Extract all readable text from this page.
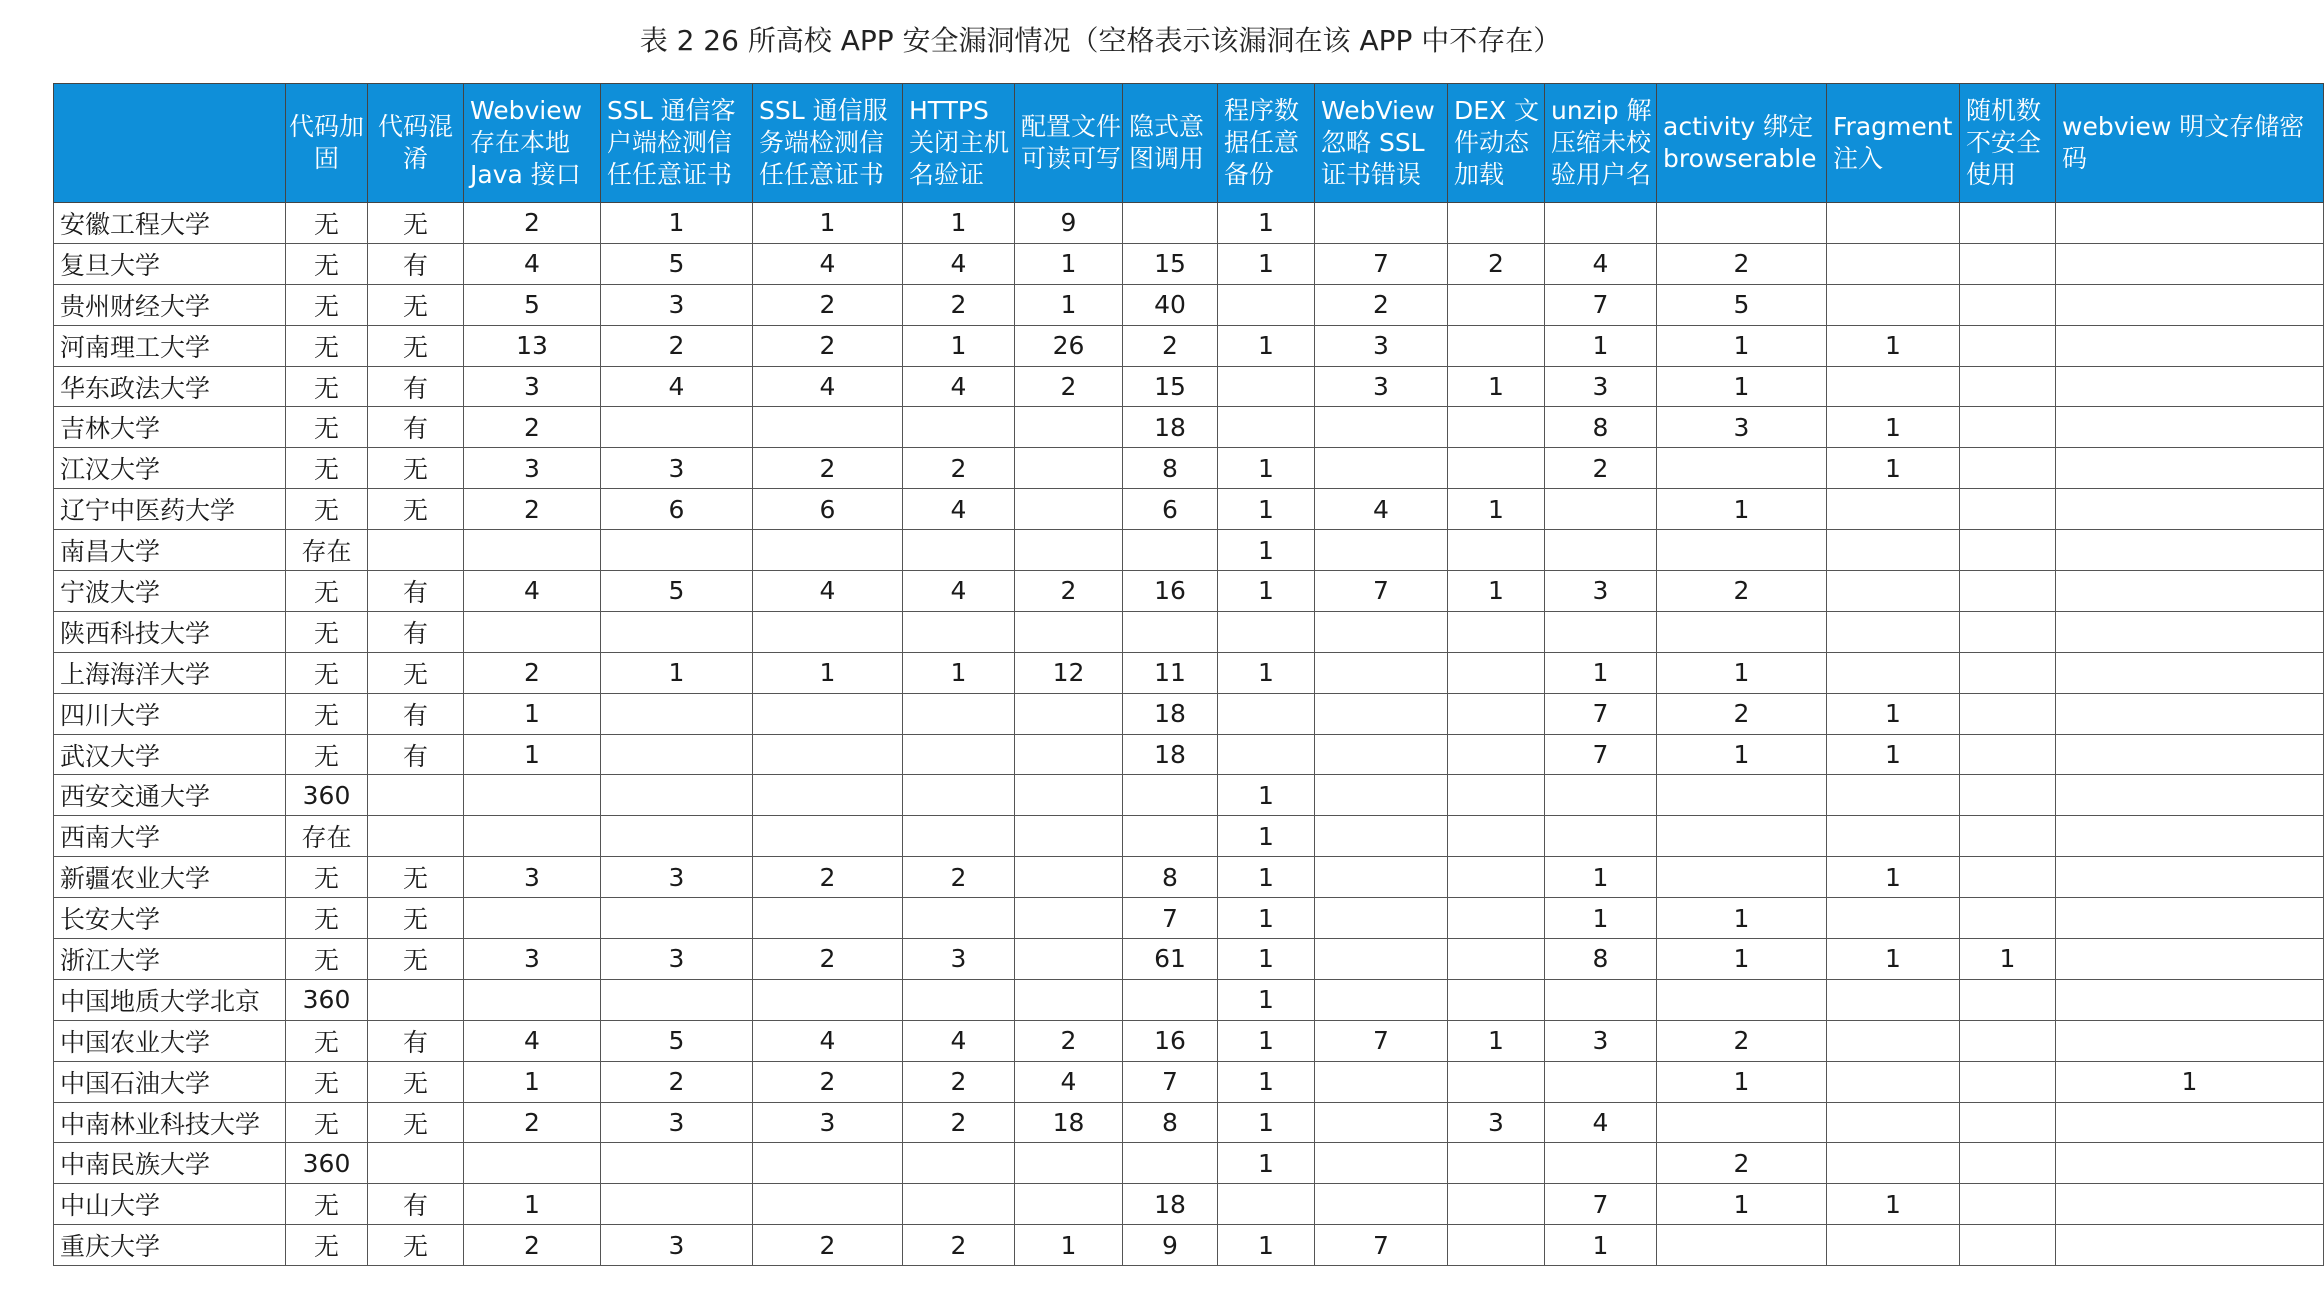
表 2 26 所高校 APP 安全漏洞情况（空格表示该漏洞在该 APP 中不存在）
	代码加固	代码混淆	Webview 存在本地 Java 接口	SSL 通信客户端检测信任任意证书	SSL 通信服务端检测信任任意证书	HTTPS 关闭主机名验证	配置文件可读可写	隐式意图调用	程序数据任意备份	WebView 忽略 SSL 证书错误	DEX 文件动态加载	unzip 解压缩未校验用户名	activity 绑定 browserable	Fragment 注入	随机数不安全使用	webview 明文存储密码
安徽工程大学	无	无	2	1	1	1	9		1							
复旦大学	无	有	4	5	4	4	1	15	1	7	2	4	2			
贵州财经大学	无	无	5	3	2	2	1	40		2		7	5			
河南理工大学	无	无	13	2	2	1	26	2	1	3		1	1	1		
华东政法大学	无	有	3	4	4	4	2	15		3	1	3	1			
吉林大学	无	有	2					18				8	3	1		
江汉大学	无	无	3	3	2	2		8	1			2		1		
辽宁中医药大学	无	无	2	6	6	4		6	1	4	1		1			
南昌大学	存在								1							
宁波大学	无	有	4	5	4	4	2	16	1	7	1	3	2			
陕西科技大学	无	有														
上海海洋大学	无	无	2	1	1	1	12	11	1			1	1			
四川大学	无	有	1					18				7	2	1		
武汉大学	无	有	1					18				7	1	1		
西安交通大学	360								1							
西南大学	存在								1							
新疆农业大学	无	无	3	3	2	2		8	1			1		1		
长安大学	无	无						7	1			1	1			
浙江大学	无	无	3	3	2	3		61	1			8	1	1	1	
中国地质大学北京	360								1							
中国农业大学	无	有	4	5	4	4	2	16	1	7	1	3	2			
中国石油大学	无	无	1	2	2	2	4	7	1				1			1
中南林业科技大学	无	无	2	3	3	2	18	8	1		3	4				
中南民族大学	360								1				2			
中山大学	无	有	1					18				7	1	1		
重庆大学	无	无	2	3	2	2	1	9	1	7		1				
